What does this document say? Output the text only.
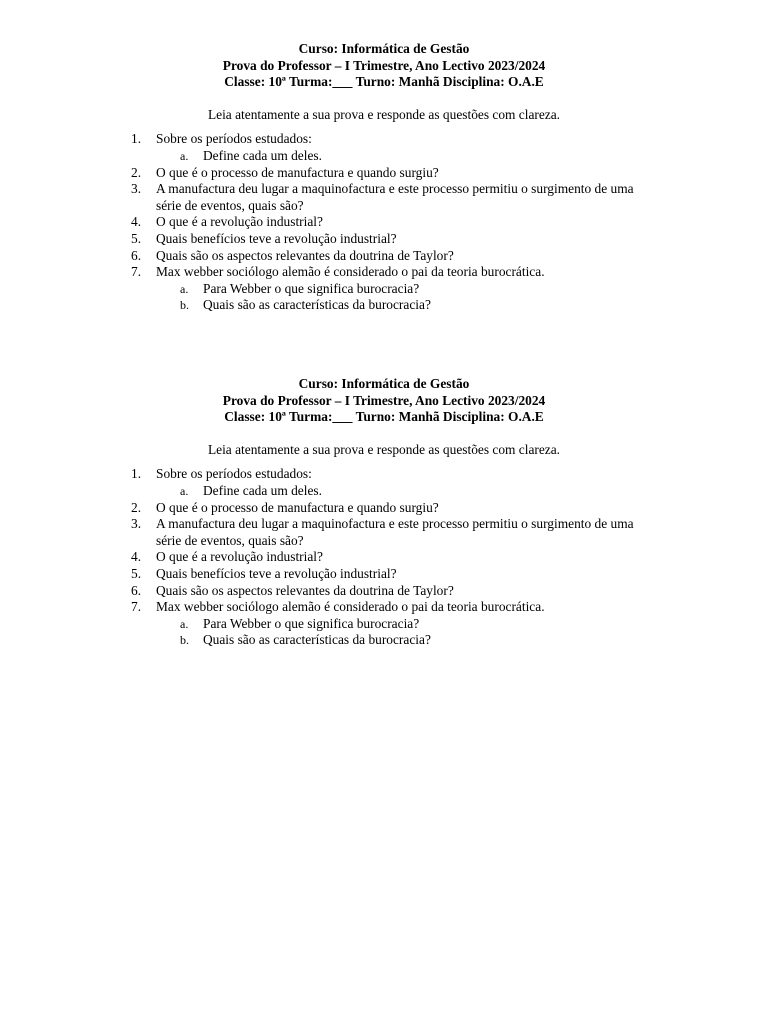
Curso: Informática de Gestão
Prova do Professor – I Trimestre, Ano Lectivo 2023/2024
Classe: 10ª Turma:___ Turno: Manhã Disciplina: O.A.E
Leia atentamente a sua prova e responde as questões com clareza.
1. Sobre os períodos estudados:
a. Define cada um deles.
2. O que é o processo de manufactura e quando surgiu?
3. A manufactura deu lugar a maquinofactura e este processo permitiu o surgimento de uma série de eventos, quais são?
4. O que é a revolução industrial?
5. Quais benefícios teve a revolução industrial?
6. Quais são os aspectos relevantes da doutrina de Taylor?
7. Max webber sociólogo alemão é considerado o pai da teoria burocrática.
a. Para Webber o que significa burocracia?
b. Quais são as características da burocracia?
Curso: Informática de Gestão
Prova do Professor – I Trimestre, Ano Lectivo 2023/2024
Classe: 10ª Turma:___ Turno: Manhã Disciplina: O.A.E
Leia atentamente a sua prova e responde as questões com clareza.
1. Sobre os períodos estudados:
a. Define cada um deles.
2. O que é o processo de manufactura e quando surgiu?
3. A manufactura deu lugar a maquinofactura e este processo permitiu o surgimento de uma série de eventos, quais são?
4. O que é a revolução industrial?
5. Quais benefícios teve a revolução industrial?
6. Quais são os aspectos relevantes da doutrina de Taylor?
7. Max webber sociólogo alemão é considerado o pai da teoria burocrática.
a. Para Webber o que significa burocracia?
b. Quais são as características da burocracia?
